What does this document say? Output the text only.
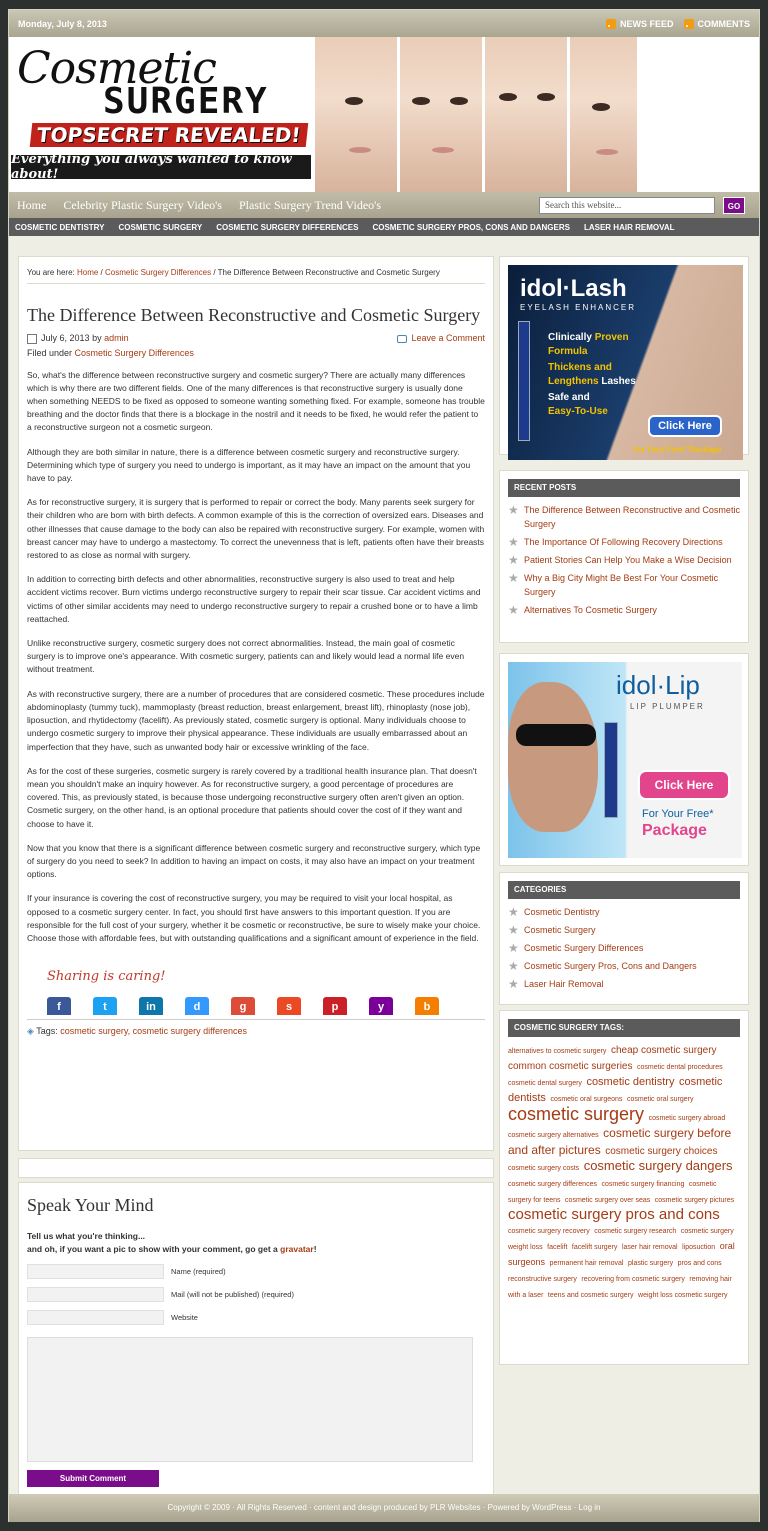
Monday, July 8, 2013	NEWS FEED	COMMENTS
Cosmetic
SURGERY
TOPSECRET REVEALED!
Everything you always wanted to know about!
Home Celebrity Plastic Surgery Video's Plastic Surgery Trend Video's	Search this website...	GO
COSMETIC DENTISTRY COSMETIC SURGERY COSMETIC SURGERY DIFFERENCES COSMETIC SURGERY PROS, CONS AND DANGERS LASER HAIR REMOVAL
You are here: Home / Cosmetic Surgery Differences / The Difference Between Reconstructive and Cosmetic Surgery
The Difference Between Reconstructive and Cosmetic Surgery
July 6, 2013 by admin	Leave a Comment
Filed under Cosmetic Surgery Differences

So, what's the difference between reconstructive surgery and cosmetic surgery? There are actually many differences which is why there are two different fields. One of the many differences is that reconstructive surgery is usually done when something NEEDS to be fixed as opposed to someone wanting something fixed. For example, someone has trouble breathing and the doctor finds that there is a blockage in the nostril and it needs to be fixed, he would refer the patient to a reconstructive surgeon not a cosmetic surgeon.

Although they are both similar in nature, there is a difference between cosmetic surgery and reconstructive surgery. Determining which type of surgery you need to undergo is important, as it may have an impact on the amount that you have to pay.

As for reconstructive surgery, it is surgery that is performed to repair or correct the body. Many parents seek surgery for their children who are born with birth defects. A common example of this is the correction of oversized ears. Diseases and other illnesses that cause damage to the body can also be repaired with reconstructive surgery. For example, women with breast cancer may have to undergo a mastectomy. To correct the unevenness that is left, patients often have their breasts restored to as close as normal with surgery.

In addition to correcting birth defects and other abnormalities, reconstructive surgery is also used to treat and help accident victims recover. Burn victims undergo reconstructive surgery to repair their scar tissue. Car accident victims and victims of other similar accidents may need to undergo reconstructive surgery to repair a crushed bone or to have a limb reattached.

Unlike reconstructive surgery, cosmetic surgery does not correct abnormalities. Instead, the main goal of cosmetic surgery is to improve one's appearance. With cosmetic surgery, patients can and likely would lead a normal life even without treatment.

As with reconstructive surgery, there are a number of procedures that are considered cosmetic. These procedures include abdominoplasty (tummy tuck), mammoplasty (breast reduction, breast enlargement, breast lift), rhinoplasty (nose job), liposuction, and rhytidectomy (facelift). As previously stated, cosmetic surgery is optional. Many individuals choose to undergo cosmetic surgery to improve their physical appearance. These individuals are usually embarrassed about an imperfection that they have, such as unwanted body hair or excessive wrinkling of the face.

As for the cost of these surgeries, cosmetic surgery is rarely covered by a traditional health insurance plan. That doesn't mean you shouldn't make an inquiry however. As for reconstructive surgery, a good percentage of procedures are covered. This, as previously stated, is because those undergoing reconstructive surgery often aren't given an option. Cosmetic surgery, on the other hand, is an optional procedure that patients should cover the cost of if they want and choose to have it.

Now that you know that there is a significant difference between cosmetic surgery and reconstructive surgery, which type of surgery do you need to seek? In addition to having an impact on costs, it may also have an impact on your treatment options.

If your insurance is covering the cost of reconstructive surgery, you may be required to visit your local hospital, as opposed to a cosmetic surgery center. In fact, you should first have answers to this important question. If you are responsible for the full cost of your surgery, whether it be cosmetic or reconstructive, be sure to wisely make your choice. Choose those with affordable fees, but with outstanding qualifications and a significant amount of experience in the field.

Sharing is caring!
f	t	in	d	g	s	p	y	b
◈ Tags: cosmetic surgery, cosmetic surgery differences
Speak Your Mind
Tell us what you're thinking...
and oh, if you want a pic to show with your comment, go get a gravatar!
Name (required)
Mail (will not be published) (required)
Website
Submit Comment
idol·Lash
EYELASH ENHANCER
Clinically Proven
Formula
Thickens and
Lengthens Lashes
Safe and
Easy-To-Use
Click Here
for Your Free* Package
RECENT POSTS
★ The Difference Between Reconstructive and Cosmetic Surgery
★ The Importance Of Following Recovery Directions
★ Patient Stories Can Help You Make a Wise Decision
★ Why a Big City Might Be Best For Your Cosmetic Surgery
★ Alternatives To Cosmetic Surgery
idol·Lip
LIP PLUMPER
Click Here
For Your Free*
Package
CATEGORIES
★ Cosmetic Dentistry
★ Cosmetic Surgery
★ Cosmetic Surgery Differences
★ Cosmetic Surgery Pros, Cons and Dangers
★ Laser Hair Removal
COSMETIC SURGERY TAGS:
alternatives to cosmetic surgery cheap cosmetic surgery common cosmetic surgeries cosmetic dental procedures cosmetic dental surgery cosmetic dentistry cosmetic dentists cosmetic oral surgeons cosmetic oral surgery cosmetic surgery cosmetic surgery abroad cosmetic surgery alternatives cosmetic surgery before and after pictures cosmetic surgery choices cosmetic surgery costs cosmetic surgery dangers cosmetic surgery differences cosmetic surgery financing cosmetic surgery for teens cosmetic surgery over seas cosmetic surgery pictures cosmetic surgery pros and cons cosmetic surgery recovery cosmetic surgery research cosmetic surgery weight loss facelift facelift surgery laser hair removal liposuction oral surgeons permanent hair removal plastic surgery pros and cons reconstructive surgery recovering from cosmetic surgery removing hair with a laser teens and cosmetic surgery weight loss cosmetic surgery
Copyright © 2009 · All Rights Reserved · content and design produced by PLR Websites · Powered by WordPress · Log in
